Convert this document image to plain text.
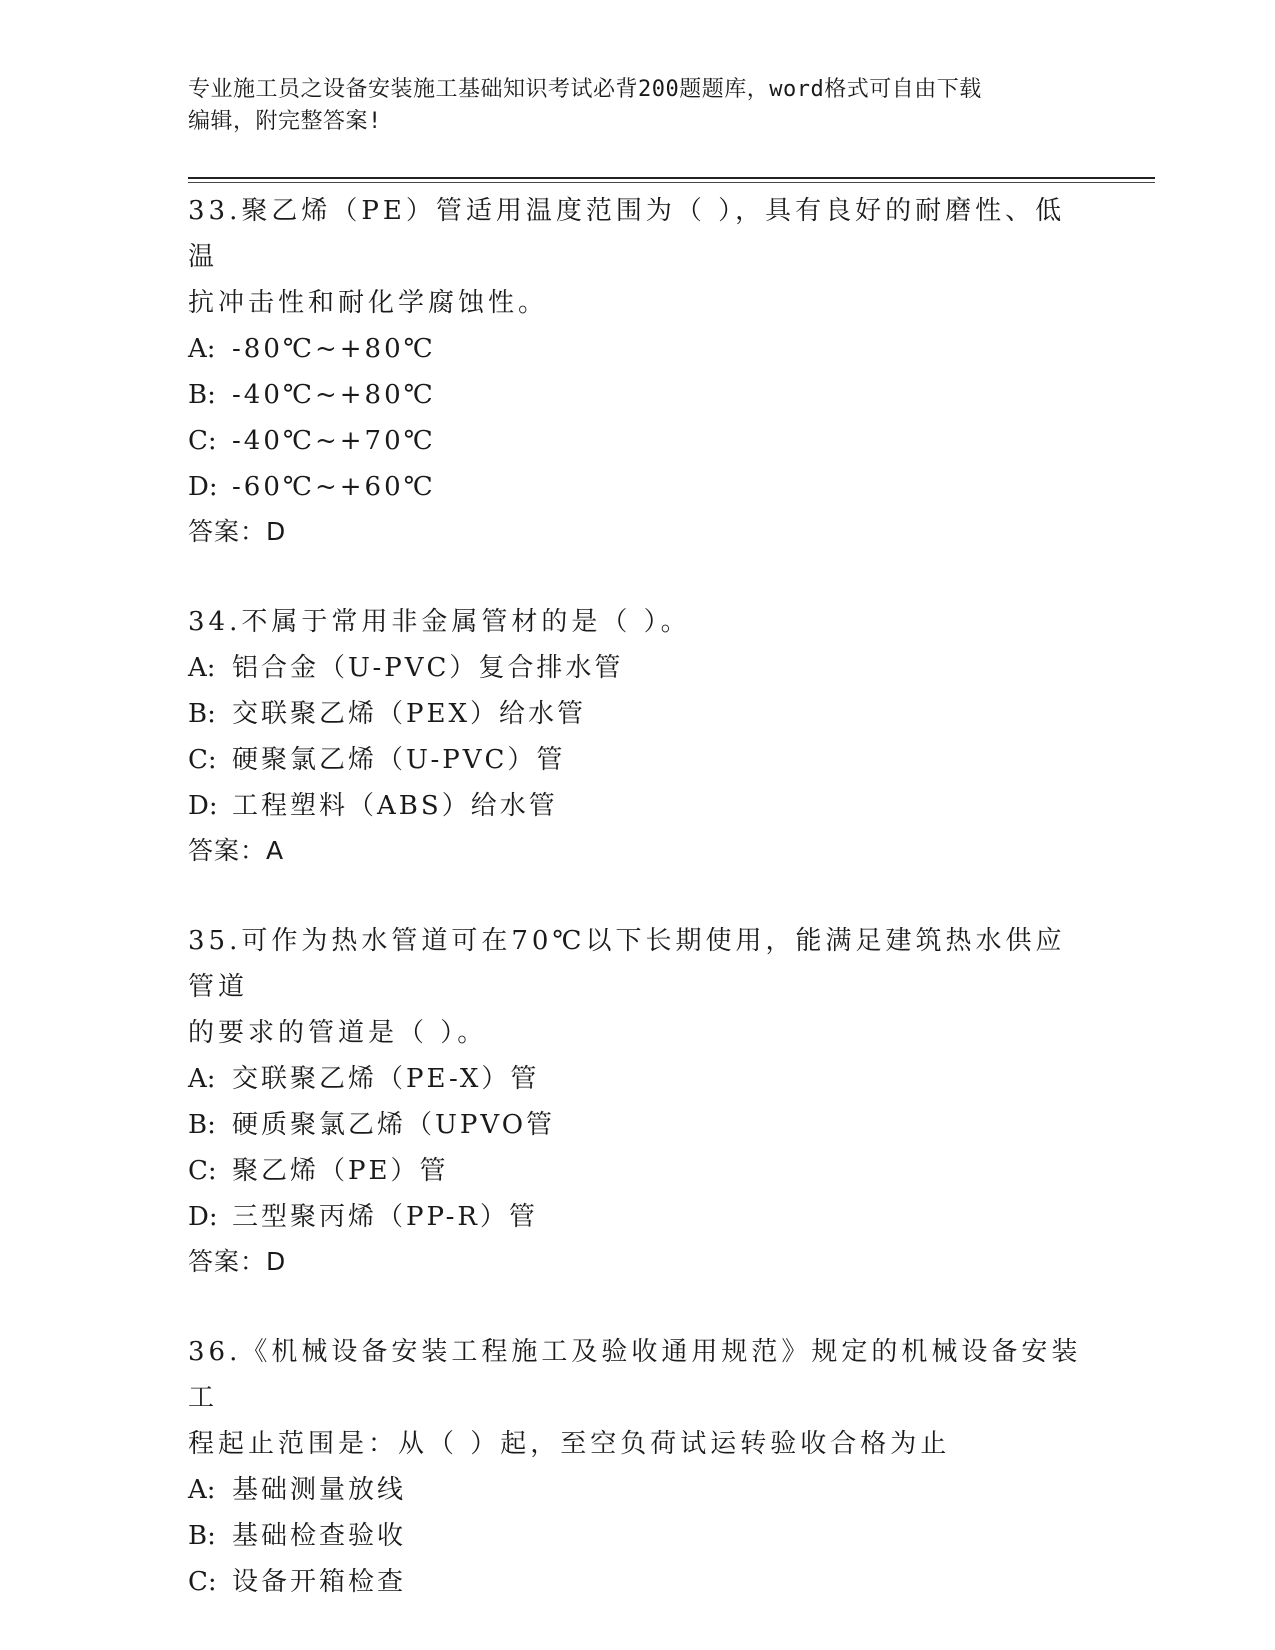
专业施工员之设备安装施工基础知识考试必背200题题库，word格式可自由下载
编辑，附完整答案!

33.聚乙烯（PE）管适用温度范围为（ ），具有良好的耐磨性、低温
抗冲击性和耐化学腐蚀性。

A: -80℃~+80℃

B: -40℃~+80℃

C: -40℃~+70℃

D: -60℃~+60℃

答案：D

34.不属于常用非金属管材的是（ ）。

A: 铝合金（U-PVC）复合排水管

B: 交联聚乙烯（PEX）给水管

C: 硬聚氯乙烯（U-PVC）管

D: 工程塑料（ABS）给水管

答案：A

35.可作为热水管道可在70℃以下长期使用，能满足建筑热水供应管道
的要求的管道是（ ）。

A: 交联聚乙烯（PE-X）管

B: 硬质聚氯乙烯（UPVO管

C: 聚乙烯（PE）管

D: 三型聚丙烯（PP-R）管

答案：D

36.《机械设备安装工程施工及验收通用规范》规定的机械设备安装工
程起止范围是：从（ ）起，至空负荷试运转验收合格为止

A: 基础测量放线

B: 基础检查验收

C: 设备开箱检查
